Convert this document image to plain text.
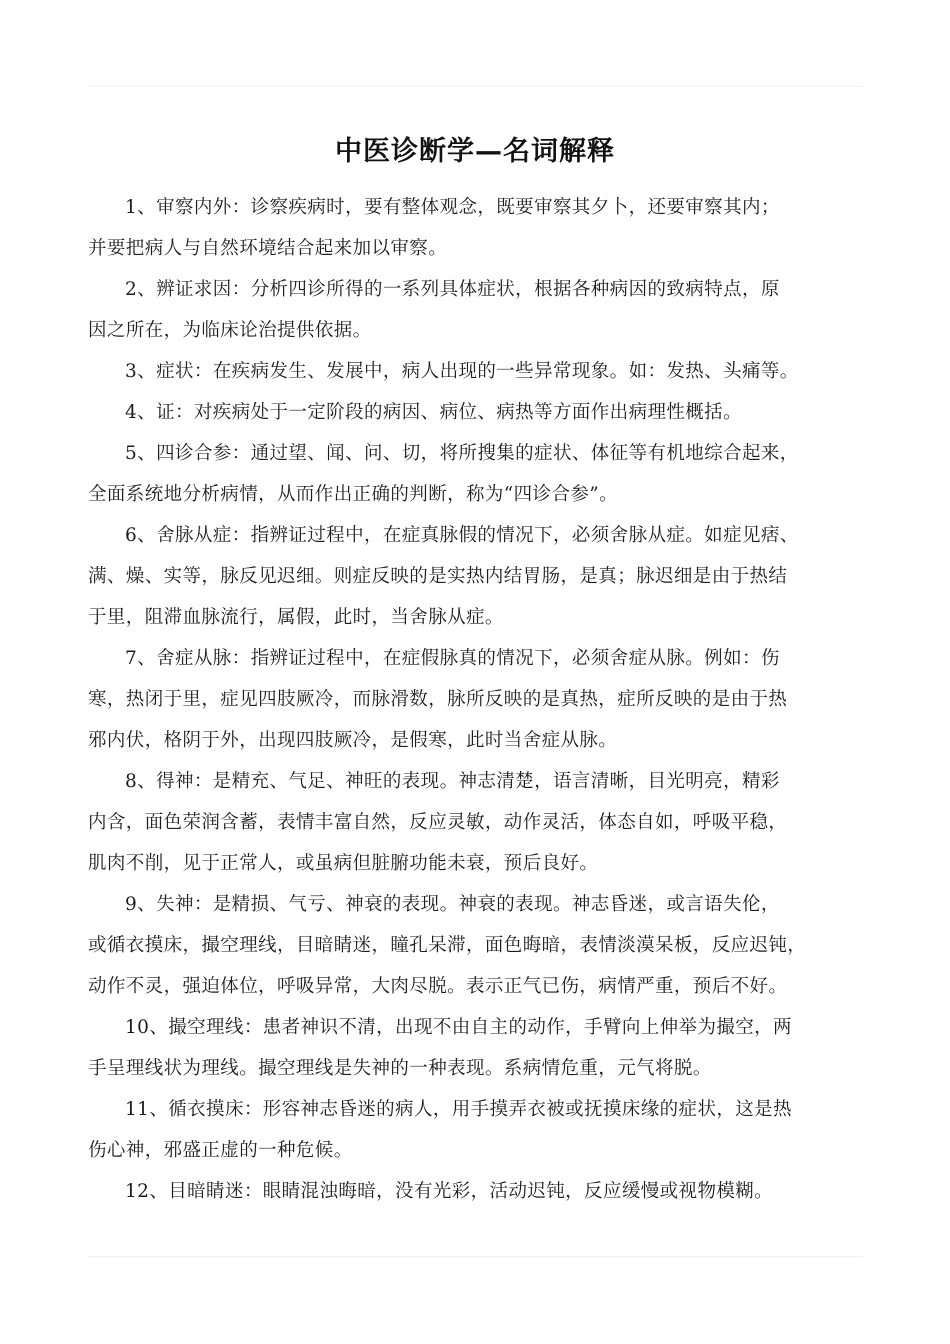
中医诊断学—名词解释

1、审察内外：诊察疾病时，要有整体观念，既要审察其夕卜，还要审察其内；
并要把病人与自然环境结合起来加以审察。

2、辨证求因：分析四诊所得的一系列具体症状，根据各种病因的致病特点，原
因之所在，为临床论治提供依据。

3、症状：在疾病发生、发展中，病人出现的一些异常现象。如：发热、头痛等。

4、证：对疾病处于一定阶段的病因、病位、病热等方面作出病理性概括。

5、四诊合参：通过望、闻、问、切，将所搜集的症状、体征等有机地综合起来，
全面系统地分析病情，从而作出正确的判断，称为“四诊合参”。

6、舍脉从症：指辨证过程中，在症真脉假的情况下，必须舍脉从症。如症见痞、
满、燥、实等，脉反见迟细。则症反映的是实热内结胃肠，是真；脉迟细是由于热结
于里，阻滞血脉流行，属假，此时，当舍脉从症。

7、舍症从脉：指辨证过程中，在症假脉真的情况下，必须舍症从脉。例如：伤
寒，热闭于里，症见四肢厥冷，而脉滑数，脉所反映的是真热，症所反映的是由于热
邪内伏，格阴于外，出现四肢厥冷，是假寒，此时当舍症从脉。

8、得神：是精充、气足、神旺的表现。神志清楚，语言清晰，目光明亮，精彩
内含，面色荣润含蓄，表情丰富自然，反应灵敏，动作灵活，体态自如，呼吸平稳，
肌肉不削，见于正常人，或虽病但脏腑功能未衰，预后良好。

9、失神：是精损、气亏、神衰的表现。神衰的表现。神志昏迷，或言语失伦，
或循衣摸床，撮空理线，目暗睛迷，瞳孔呆滞，面色晦暗，表情淡漠呆板，反应迟钝，
动作不灵，强迫体位，呼吸异常，大肉尽脱。表示正气已伤，病情严重，预后不好。

10、撮空理线：患者神识不清，出现不由自主的动作，手臂向上伸举为撮空，两
手呈理线状为理线。撮空理线是失神的一种表现。系病情危重，元气将脱。

11、循衣摸床：形容神志昏迷的病人，用手摸弄衣被或抚摸床缘的症状，这是热
伤心神，邪盛正虚的一种危候。

12、目暗睛迷：眼睛混浊晦暗，没有光彩，活动迟钝，反应缓慢或视物模糊。
